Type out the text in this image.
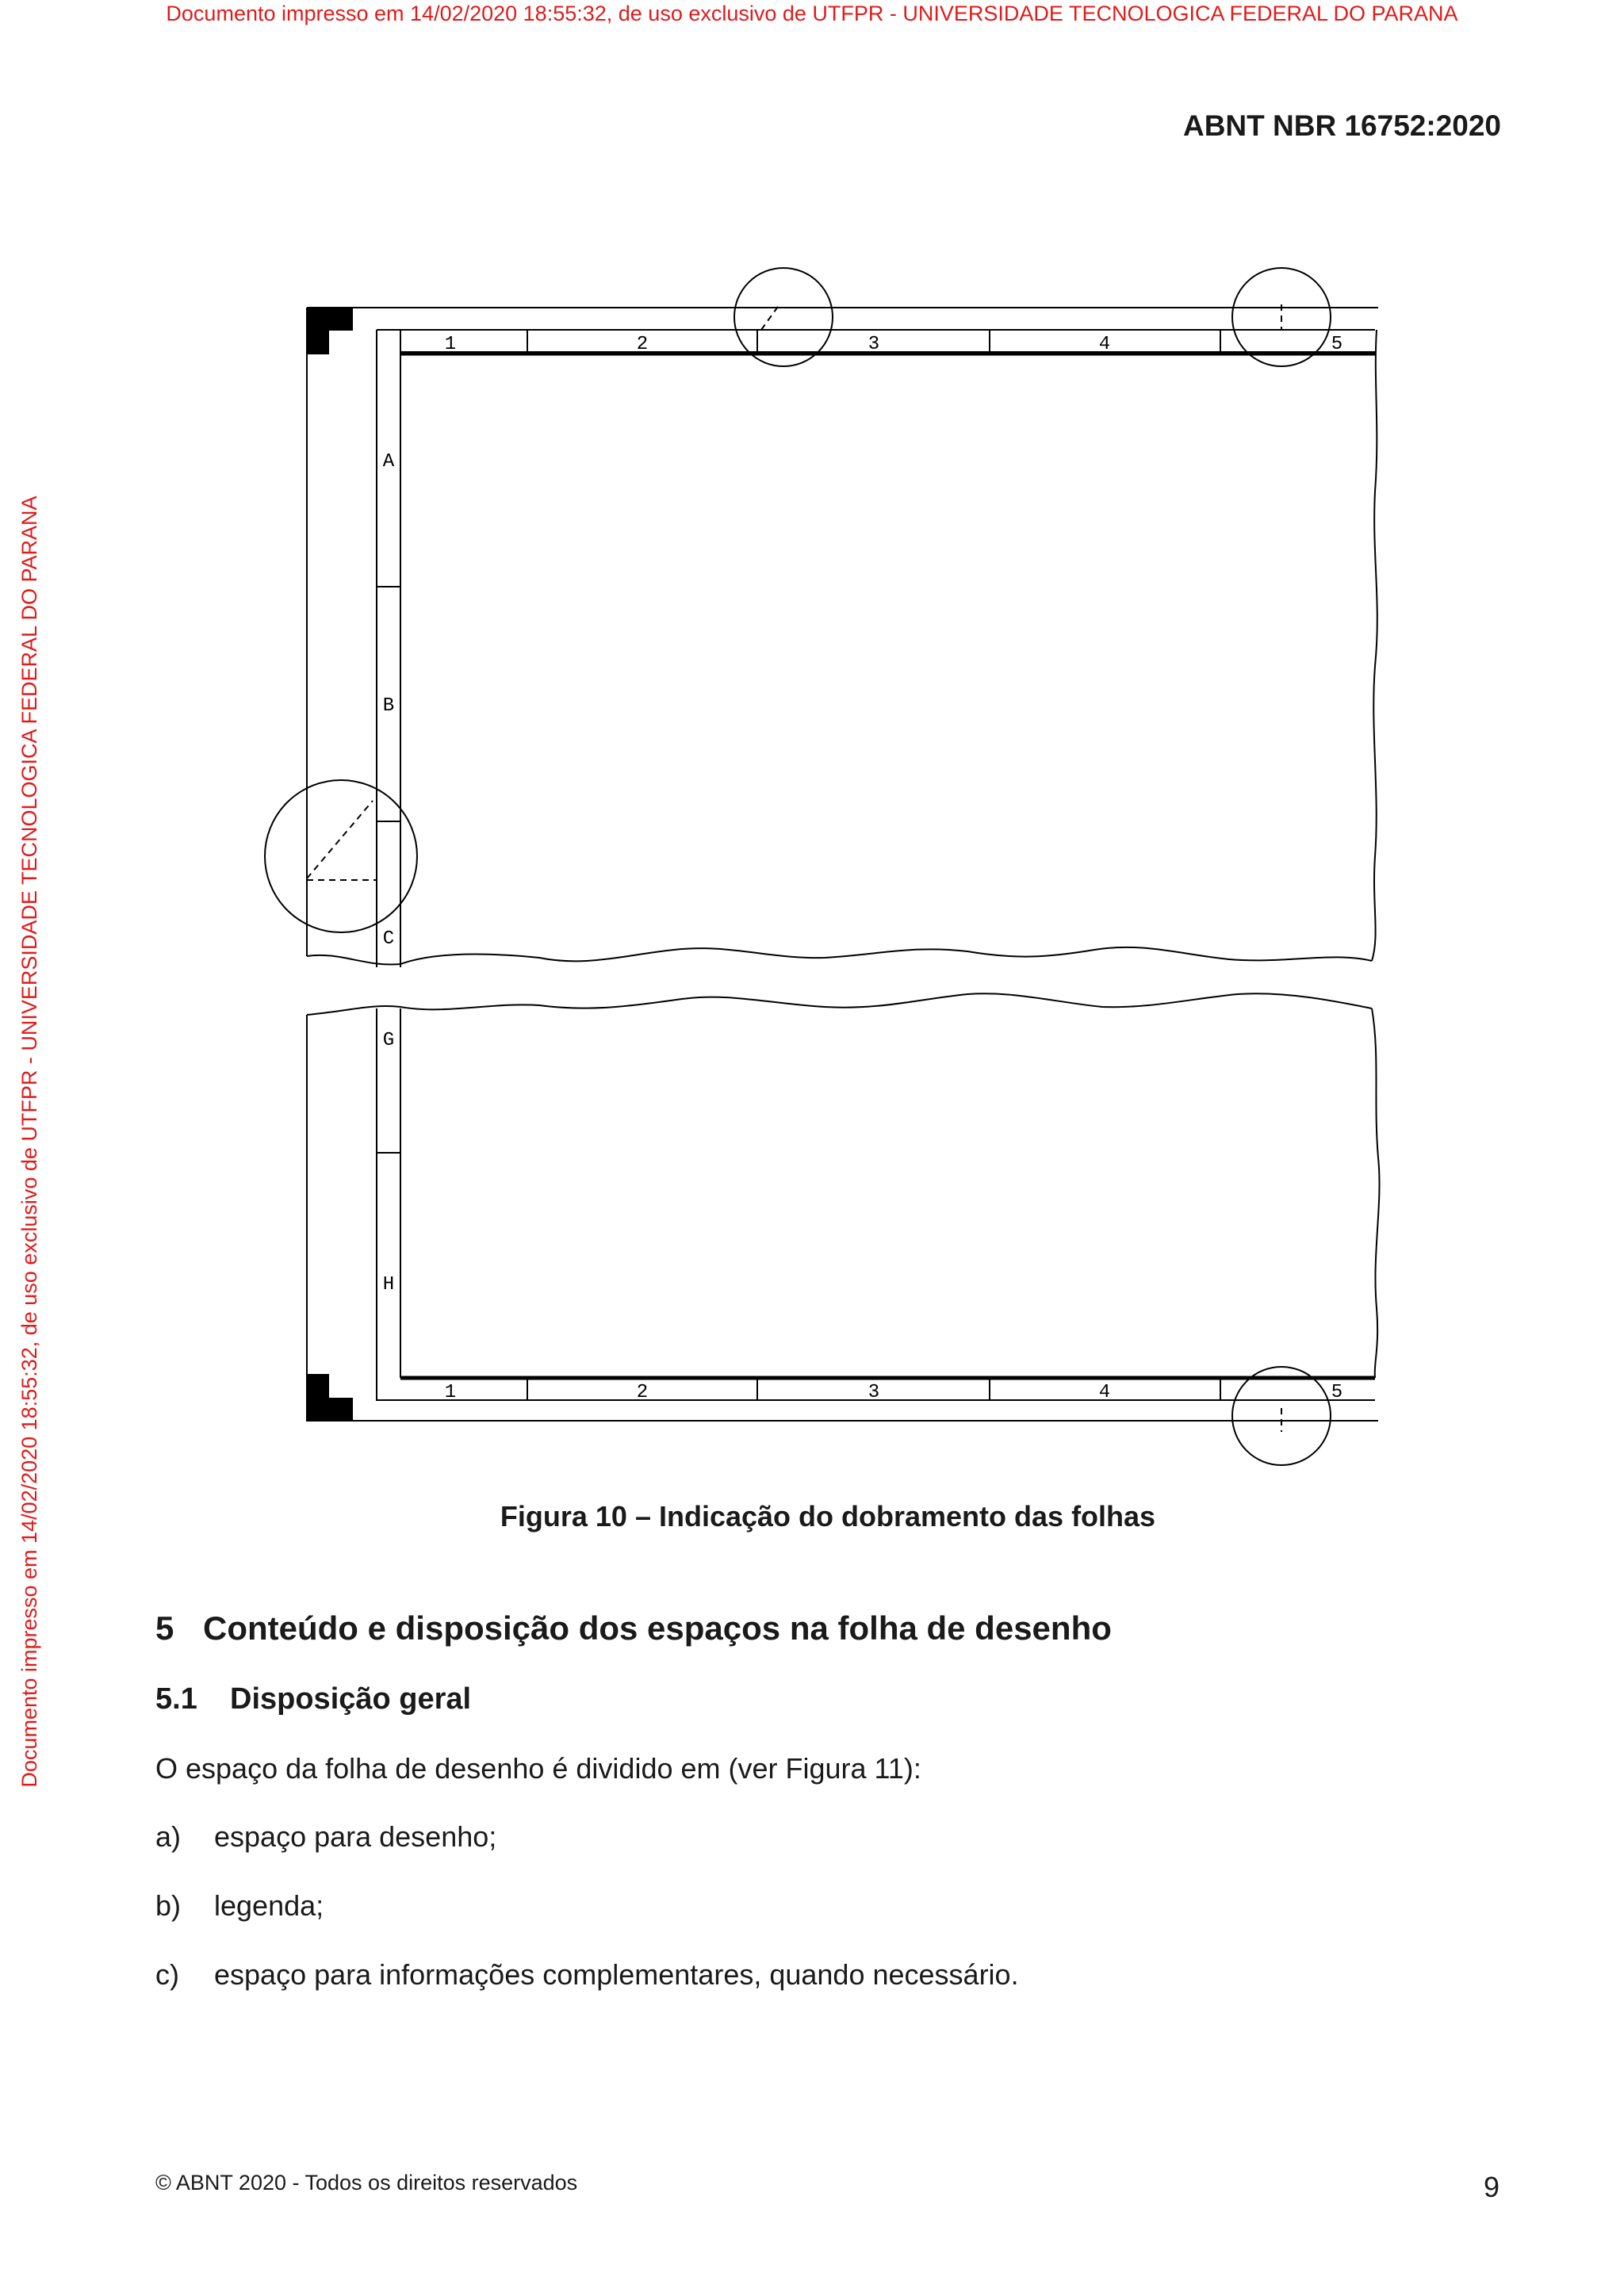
Documento impresso em 14/02/2020 18:55:32, de uso exclusivo de UTFPR - UNIVERSIDADE TECNOLOGICA FEDERAL DO PARANA
Documento impresso em 14/02/2020 18:55:32, de uso exclusivo de UTFPR - UNIVERSIDADE TECNOLOGICA FEDERAL DO PARANA
ABNT NBR 16752:2020
1	2	3	4	5
1	2	3	4	5
A
B
C
G
H
Figura 10 – Indicação do dobramento das folhas
5 Conteúdo e disposição dos espaços na folha de desenho
5.1 Disposição geral
O espaço da folha de desenho é dividido em (ver Figura 11):
a) espaço para desenho;
b) legenda;
c) espaço para informações complementares, quando necessário.
© ABNT 2020 - Todos os direitos reservados	9
